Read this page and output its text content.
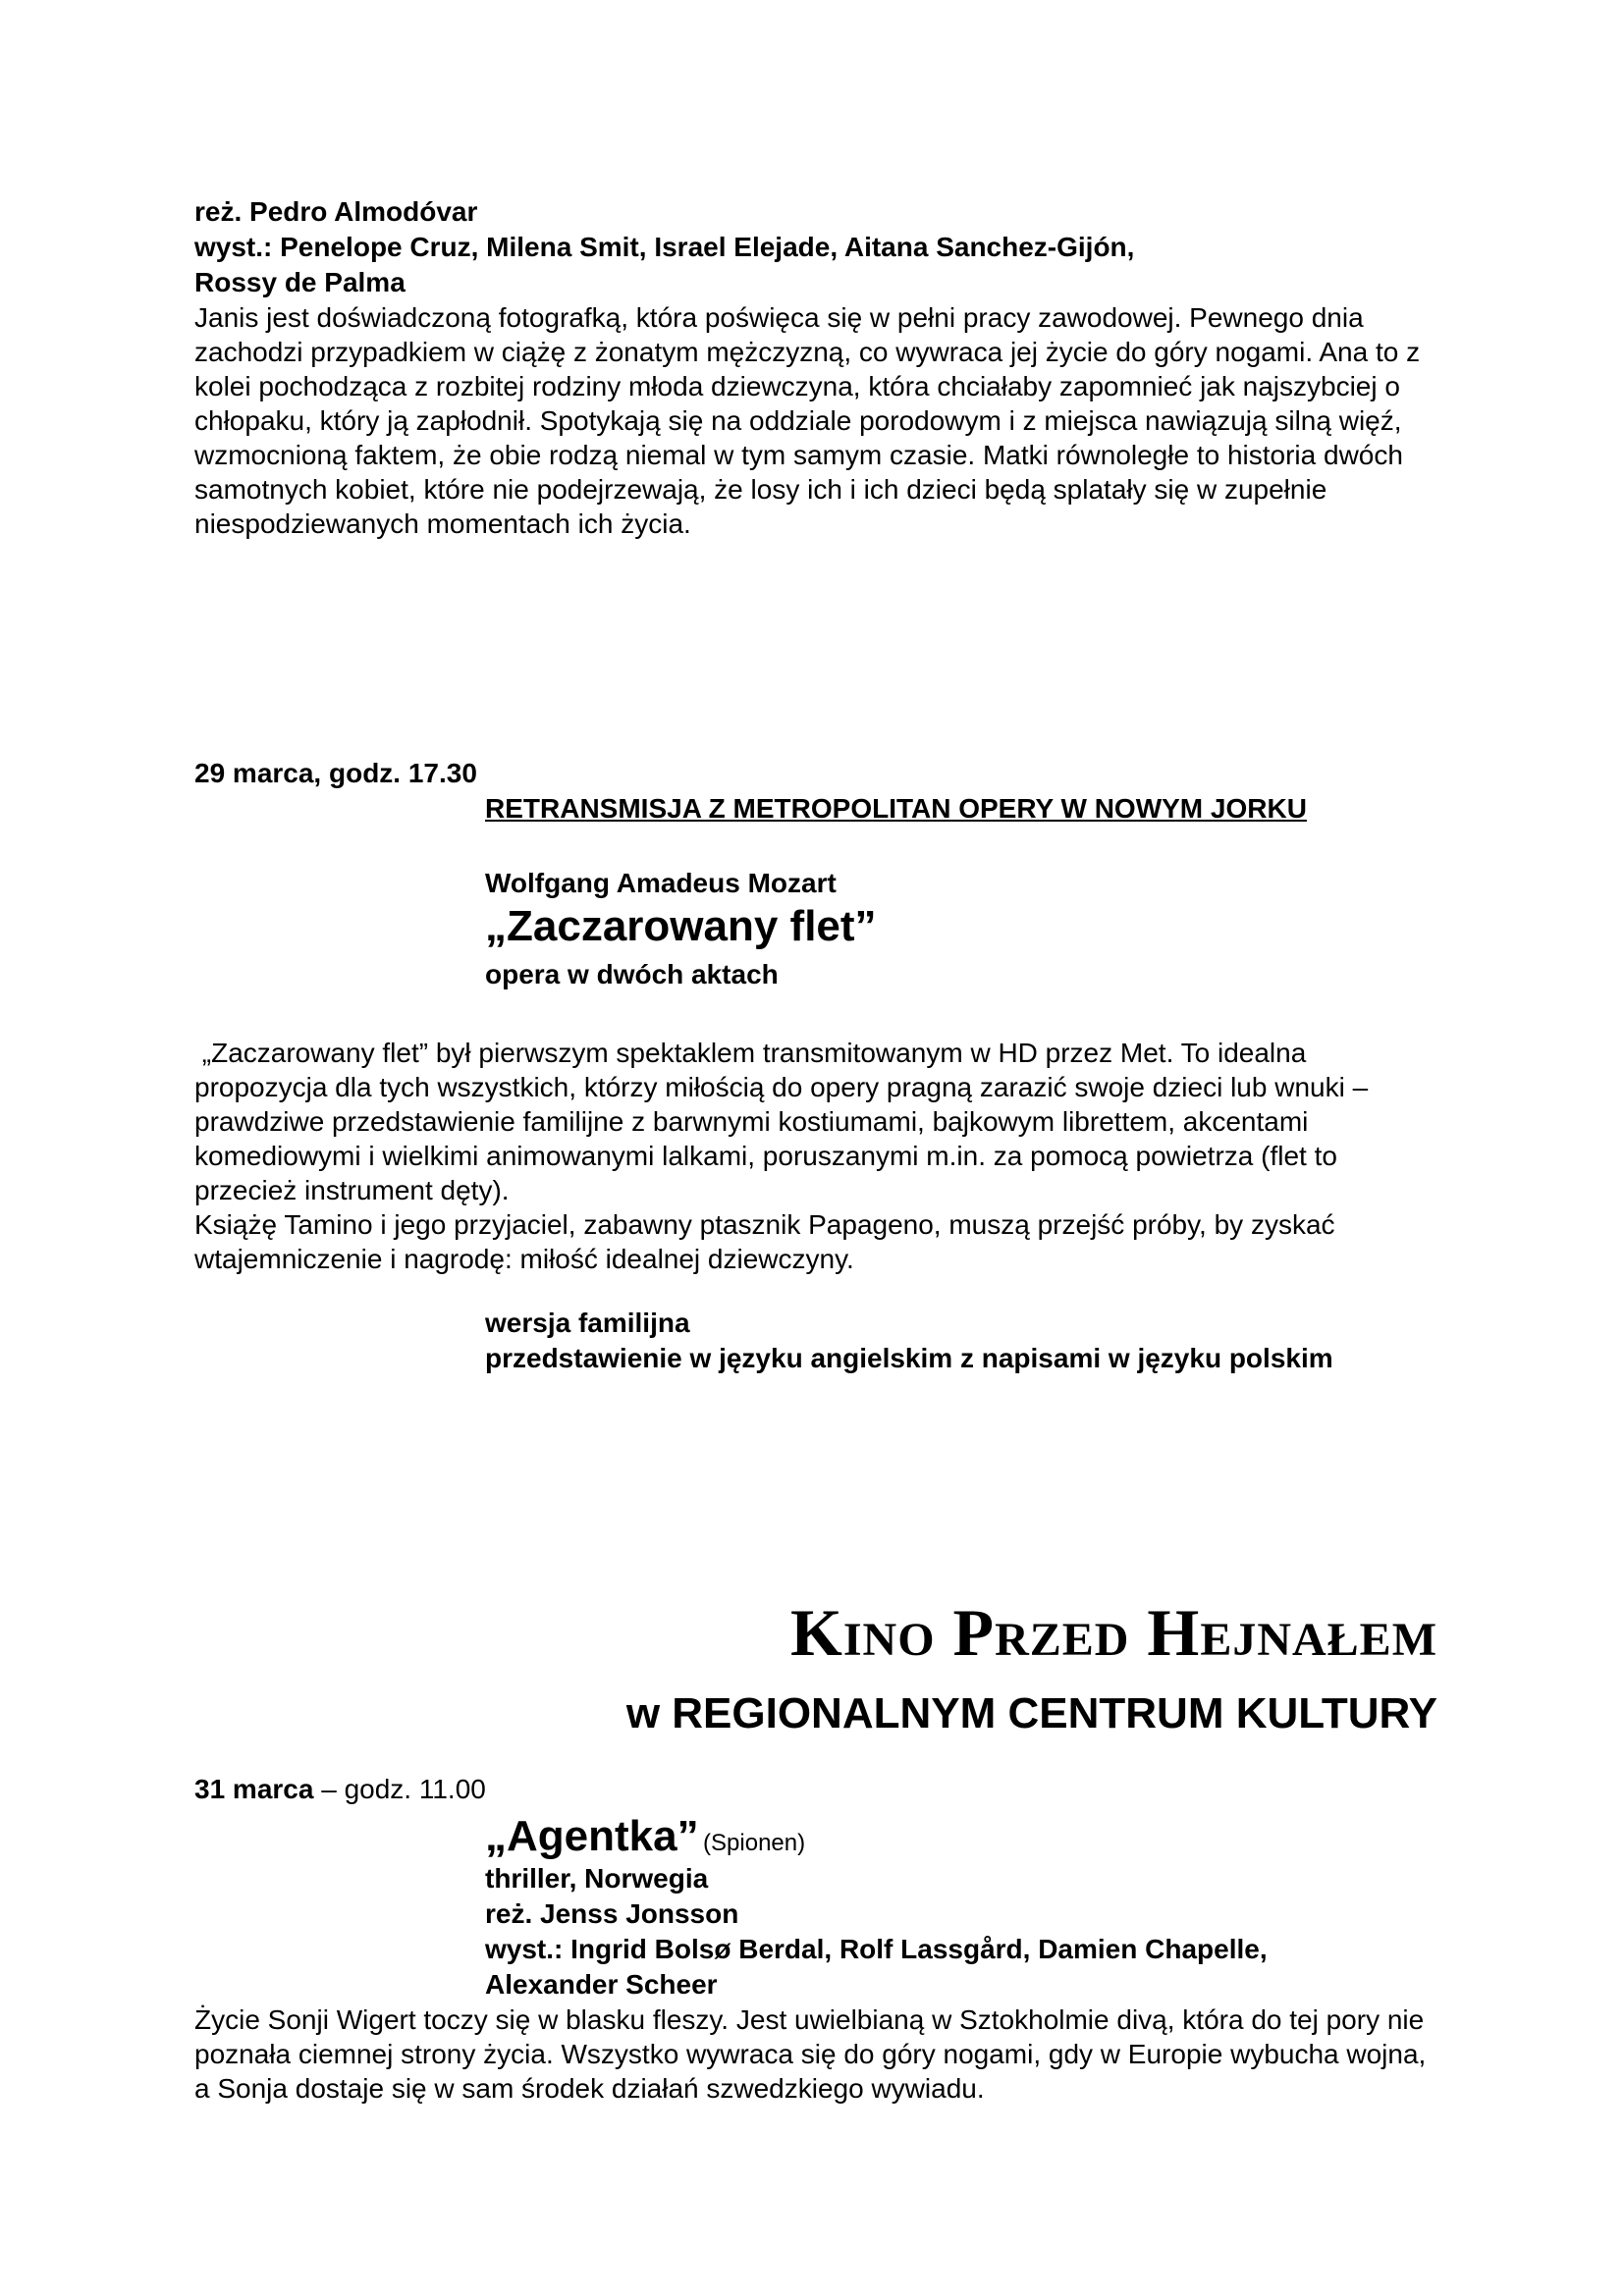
reż. Pedro Almodóvar
wyst.: Penelope Cruz, Milena Smit, Israel Elejade, Aitana Sanchez-Gijón,
Rossy de Palma
Janis jest doświadczoną fotografką, która poświęca się w pełni pracy zawodowej. Pewnego dnia zachodzi przypadkiem w ciążę z żonatym mężczyzną, co wywraca jej życie do góry nogami. Ana to z kolei pochodząca z rozbitej rodziny młoda dziewczyna, która chciałaby zapomnieć jak najszybciej o chłopaku, który ją zapłodnił. Spotykają się na oddziale porodowym i z miejsca nawiązują silną więź, wzmocnioną faktem, że obie rodzą niemal w tym samym czasie. Matki równoległe to historia dwóch samotnych kobiet, które nie podejrzewają, że losy ich i ich dzieci będą splatały się w zupełnie niespodziewanych momentach ich życia.
29 marca, godz. 17.30
RETRANSMISJA Z METROPOLITAN OPERY W NOWYM JORKU
Wolfgang Amadeus Mozart
„Zaczarowany flet”
opera w dwóch aktach
„Zaczarowany flet” był pierwszym spektaklem transmitowanym w HD przez Met. To idealna propozycja dla tych wszystkich, którzy miłością do opery pragną zarazić swoje dzieci lub wnuki – prawdziwe przedstawienie familijne z barwnymi kostiumami, bajkowym librettem, akcentami komediowymi i wielkimi animowanymi lalkami, poruszanymi m.in. za pomocą powietrza (flet to przecież instrument dęty).
Książę Tamino i jego przyjaciel, zabawny ptasznik Papageno, muszą przejść próby, by zyskać wtajemniczenie i nagrodę: miłość idealnej dziewczyny.
wersja familijna
przedstawienie w języku angielskim z napisami w języku polskim
Kino Przed Hejnałem
w REGIONALNYM CENTRUM KULTURY
31 marca – godz. 11.00
„Agentka” (Spionen)
thriller, Norwegia
reż. Jenss Jonsson
wyst.: Ingrid Bolsø Berdal, Rolf Lassgård, Damien Chapelle,
Alexander Scheer
Życie Sonji Wigert toczy się w blasku fleszy. Jest uwielbianą w Sztokholmie divą, która do tej pory nie poznała ciemnej strony życia. Wszystko wywraca się do góry nogami, gdy w Europie wybucha wojna, a Sonja dostaje się w sam środek działań szwedzkiego wywiadu.
